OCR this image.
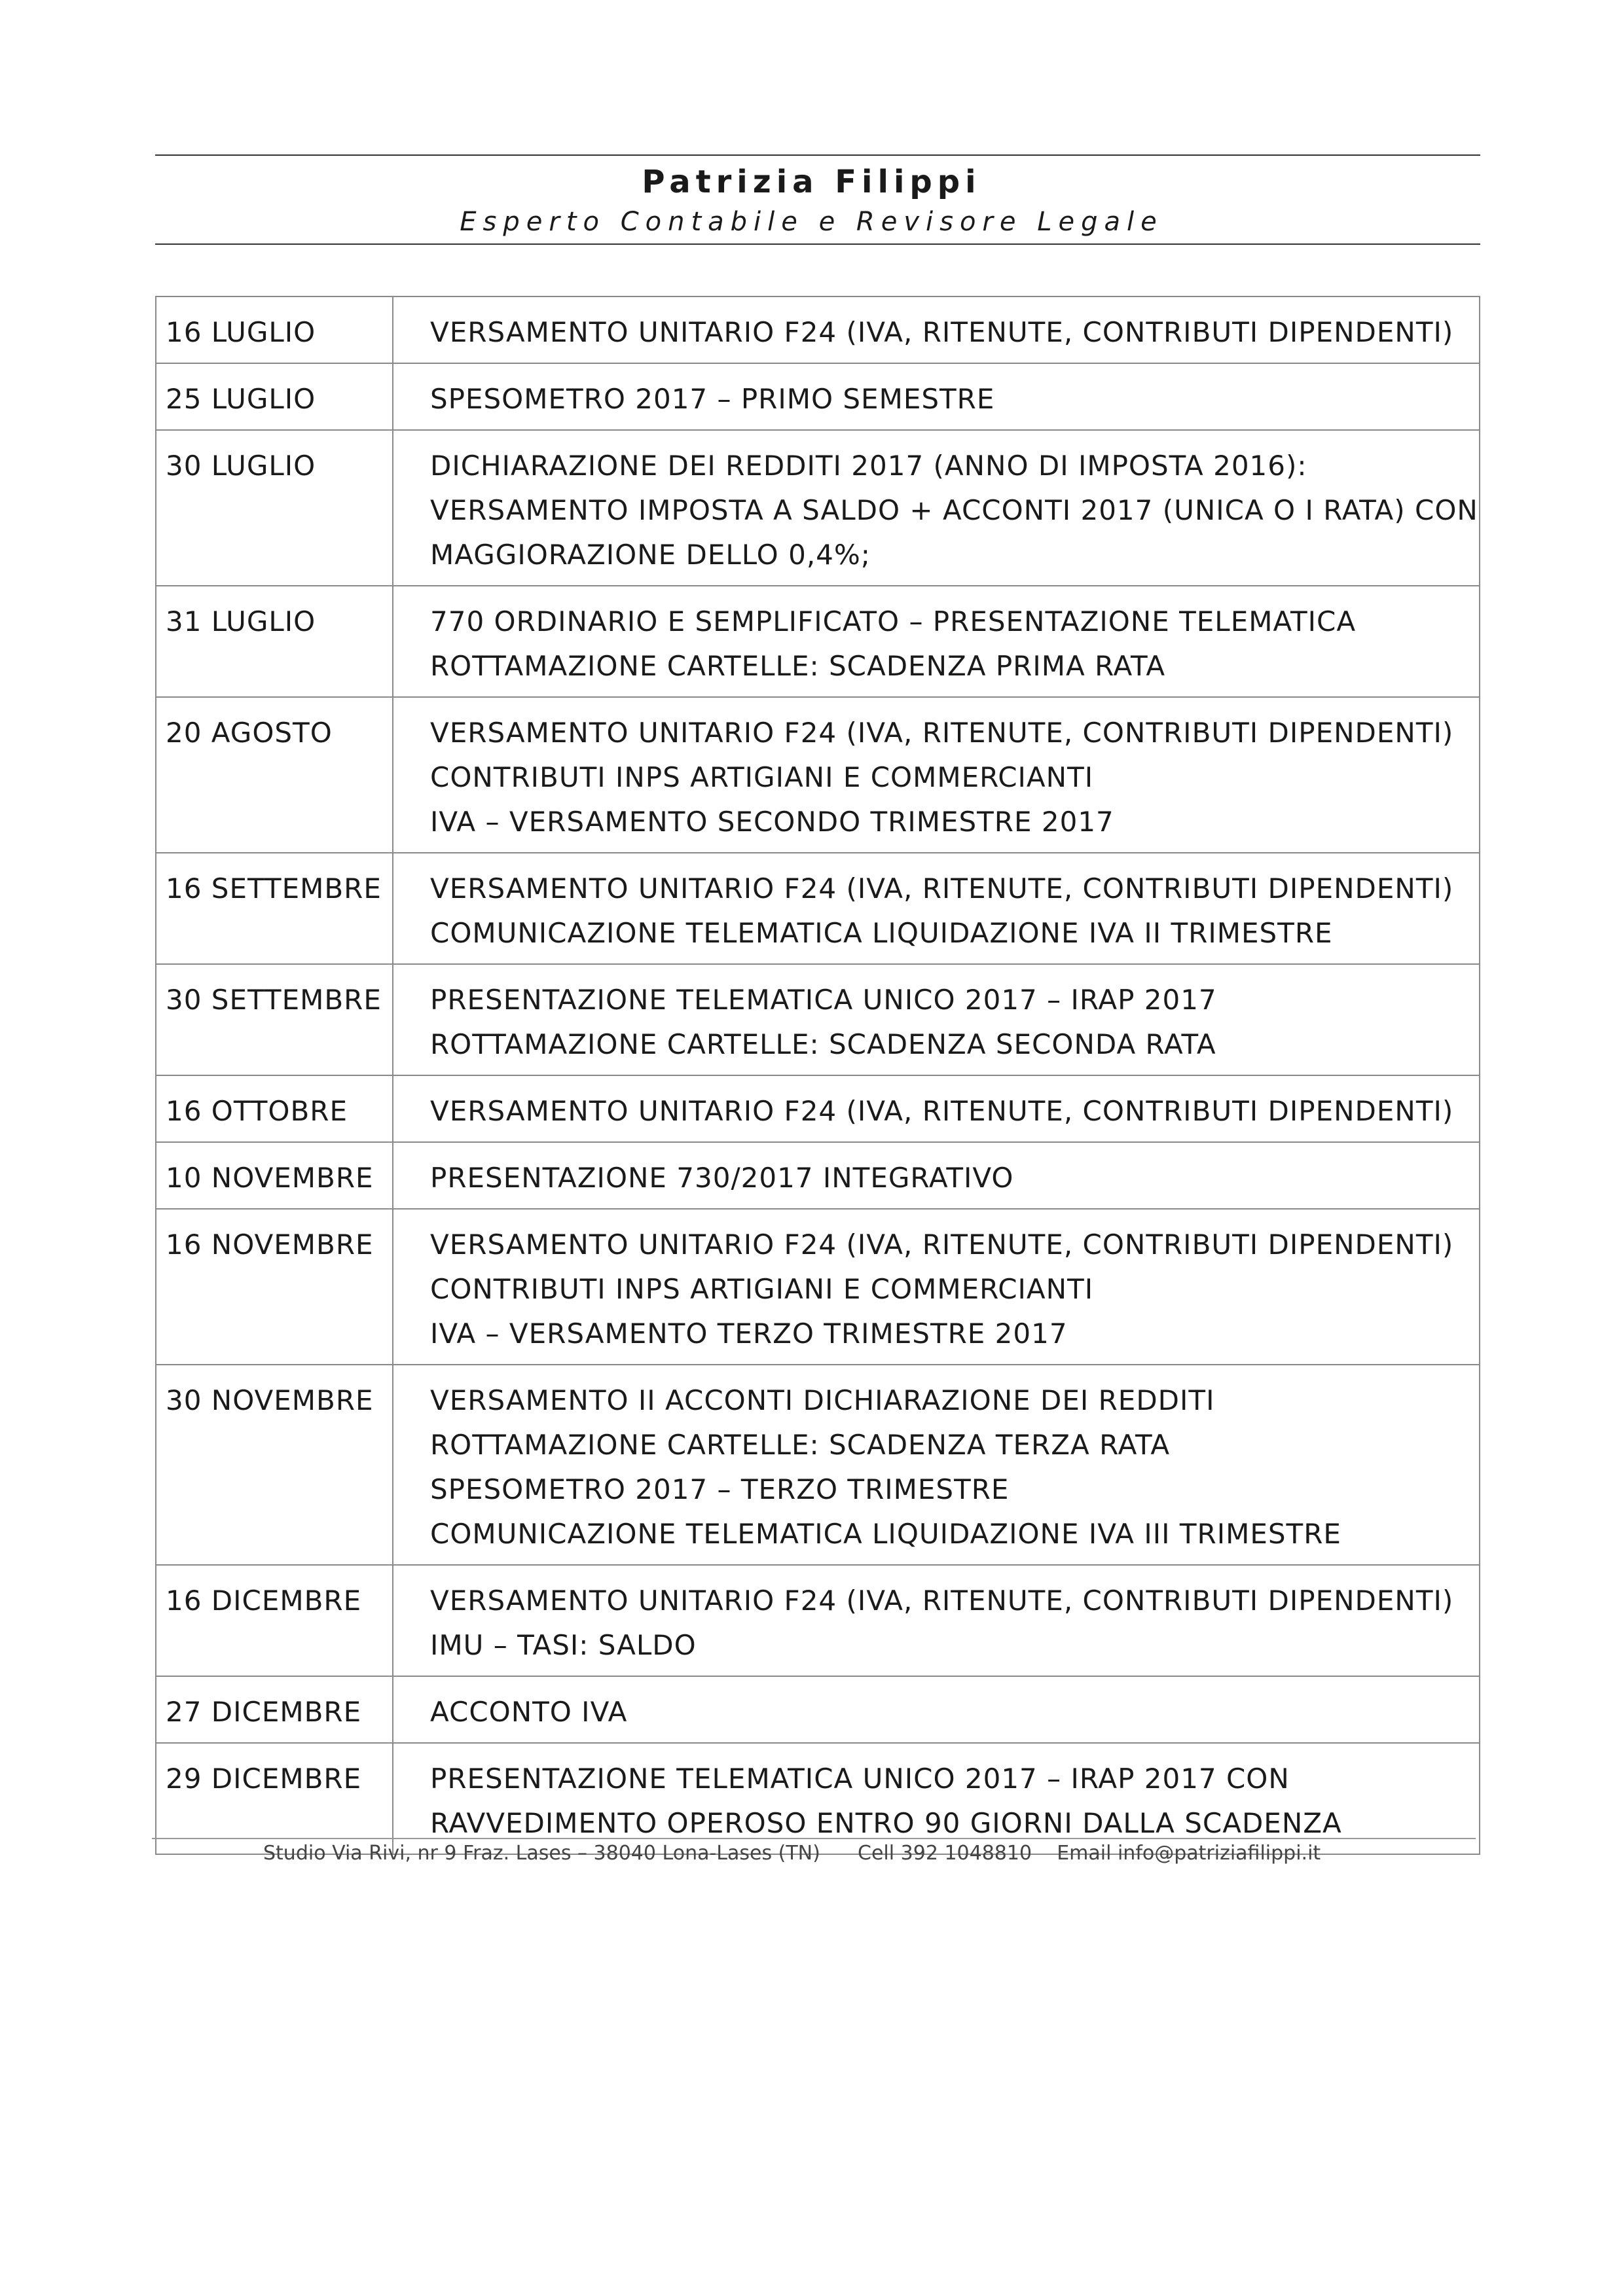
Patrizia Filippi
Esperto Contabile e Revisore Legale
16 LUGLIO	VERSAMENTO UNITARIO F24 (IVA, RITENUTE, CONTRIBUTI DIPENDENTI)

25 LUGLIO	SPESOMETRO 2017 – PRIMO SEMESTRE

30 LUGLIO	DICHIARAZIONE DEI REDDITI 2017 (ANNO DI IMPOSTA 2016):
VERSAMENTO IMPOSTA A SALDO + ACCONTI 2017 (UNICA O I RATA) CON
MAGGIORAZIONE DELLO 0,4%;

31 LUGLIO	770 ORDINARIO E SEMPLIFICATO – PRESENTAZIONE TELEMATICA
ROTTAMAZIONE CARTELLE: SCADENZA PRIMA RATA

20 AGOSTO	VERSAMENTO UNITARIO F24 (IVA, RITENUTE, CONTRIBUTI DIPENDENTI)
CONTRIBUTI INPS ARTIGIANI E COMMERCIANTI
IVA – VERSAMENTO SECONDO TRIMESTRE 2017

16 SETTEMBRE	VERSAMENTO UNITARIO F24 (IVA, RITENUTE, CONTRIBUTI DIPENDENTI)
COMUNICAZIONE TELEMATICA LIQUIDAZIONE IVA II TRIMESTRE

30 SETTEMBRE	PRESENTAZIONE TELEMATICA UNICO 2017 – IRAP 2017
ROTTAMAZIONE CARTELLE: SCADENZA SECONDA RATA

16 OTTOBRE	VERSAMENTO UNITARIO F24 (IVA, RITENUTE, CONTRIBUTI DIPENDENTI)

10 NOVEMBRE	PRESENTAZIONE 730/2017 INTEGRATIVO

16 NOVEMBRE	VERSAMENTO UNITARIO F24 (IVA, RITENUTE, CONTRIBUTI DIPENDENTI)
CONTRIBUTI INPS ARTIGIANI E COMMERCIANTI
IVA – VERSAMENTO TERZO TRIMESTRE 2017

30 NOVEMBRE	VERSAMENTO II ACCONTI DICHIARAZIONE DEI REDDITI
ROTTAMAZIONE CARTELLE: SCADENZA TERZA RATA
SPESOMETRO 2017 – TERZO TRIMESTRE
COMUNICAZIONE TELEMATICA LIQUIDAZIONE IVA III TRIMESTRE

16 DICEMBRE	VERSAMENTO UNITARIO F24 (IVA, RITENUTE, CONTRIBUTI DIPENDENTI)
IMU – TASI: SALDO

27 DICEMBRE	ACCONTO IVA

29 DICEMBRE	PRESENTAZIONE TELEMATICA UNICO 2017 – IRAP 2017 CON
RAVVEDIMENTO OPEROSO ENTRO 90 GIORNI DALLA SCADENZA
Studio Via Rivi, nr 9 Fraz. Lases – 38040 Lona-Lases (TN) Cell 392 1048810 Email info@patriziafilippi.it
